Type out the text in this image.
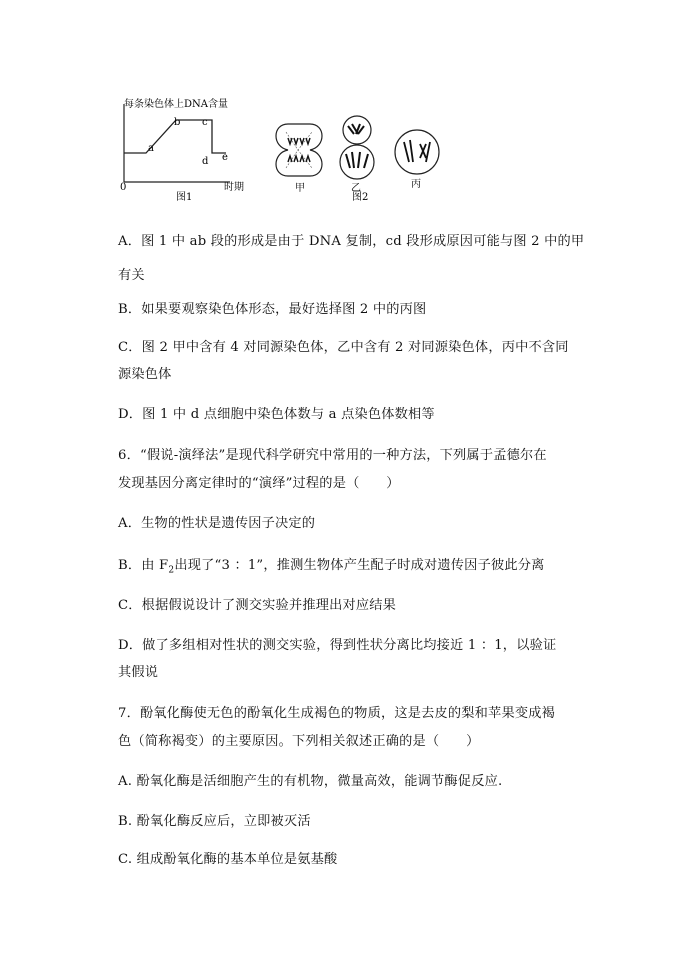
每条染色体上DNA含量
时期
0
图1
a
b c
d e
甲	乙	丙
图2
A．图 1 中 ab 段的形成是由于 DNA 复制，cd 段形成原因可能与图 2 中的甲
有关
B．如果要观察染色体形态，最好选择图 2 中的丙图
C．图 2 甲中含有 4 对同源染色体，乙中含有 2 对同源染色体，丙中不含同
源染色体
D．图 1 中 d 点细胞中染色体数与 a 点染色体数相等
6．“假说-演绎法”是现代科学研究中常用的一种方法，下列属于孟德尔在
发现基因分离定律时的“演绎”过程的是（　　）
A．生物的性状是遗传因子决定的
B．由 $F_2$出现了“3 ：1”，推测生物体产生配子时成对遗传因子彼此分离
C．根据假说设计了测交实验并推理出对应结果
D．做了多组相对性状的测交实验，得到性状分离比均接近 1 ：1，以验证
其假说
7．酚氧化酶使无色的酚氧化生成褐色的物质，这是去皮的梨和苹果变成褐
色（简称褐变）的主要原因。下列相关叙述正确的是（　　）
A. 酚氧化酶是活细胞产生的有机物，微量高效，能调节酶促反应.
B. 酚氧化酶反应后，立即被灭活
C. 组成酚氧化酶的基本单位是氨基酸
